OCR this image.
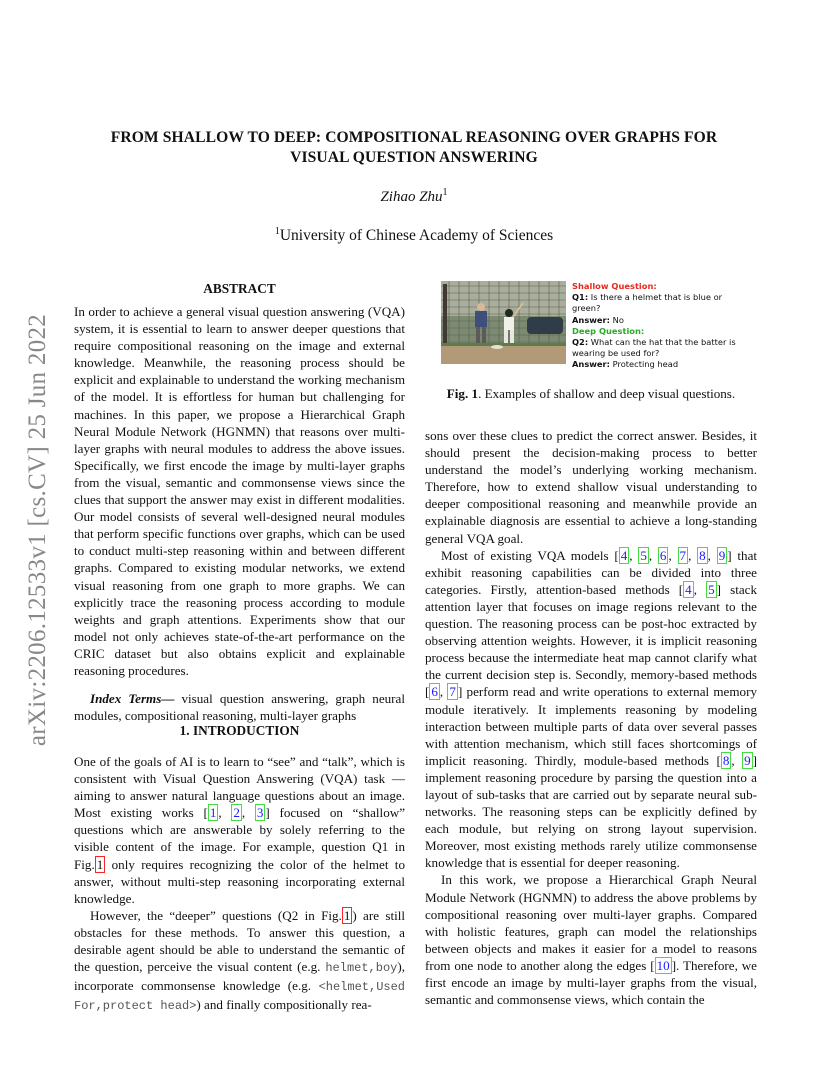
FROM SHALLOW TO DEEP: COMPOSITIONAL REASONING OVER GRAPHS FOR
VISUAL QUESTION ANSWERING
Zihao Zhu$^1$
$^1$University of Chinese Academy of Sciences
arXiv:2206.12533v1 [cs.CV] 25 Jun 2022
ABSTRACT

In order to achieve a general visual question answering (VQA) system, it is essential to learn to answer deeper questions that require compositional reasoning on the image and external knowledge. Meanwhile, the reasoning process should be explicit and explainable to understand the working mechanism of the model. It is effortless for human but challenging for machines. In this paper, we propose a Hierarchical Graph Neural Module Network (HGNMN) that reasons over multi-layer graphs with neural modules to address the above issues. Specifically, we first encode the image by multi-layer graphs from the visual, semantic and commonsense views since the clues that support the answer may exist in different modalities. Our model consists of several well-designed neural modules that perform specific functions over graphs, which can be used to conduct multi-step reasoning within and between different graphs. Compared to existing modular networks, we extend visual reasoning from one graph to more graphs. We can explicitly trace the reasoning process according to module weights and graph attentions. Experiments show that our model not only achieves state-of-the-art performance on the CRIC dataset but also obtains explicit and explainable reasoning procedures.

Index Terms— visual question answering, graph neural modules, compositional reasoning, multi-layer graphs

1. INTRODUCTION

One of the goals of AI is to learn to “see” and “talk”, which is consistent with Visual Question Answering (VQA) task — aiming to answer natural language questions about an image. Most existing works [ 1 , 2 , 3 ] focused on “shallow” questions which are answerable by solely referring to the visible content of the image. For example, question Q1 in Fig. 1 only requires recognizing the color of the helmet to answer, without multi-step reasoning incorporating external knowledge.

However, the “deeper” questions (Q2 in Fig. 1 ) are still obstacles for these methods. To answer this question, a desirable agent should be able to understand the semantic of the question, perceive the visual content (e.g. helmet,boy), incorporate commonsense knowledge (e.g. <helmet,Used For,protect head>) and finally compositionally rea-

Shallow Question:
Q1: Is there a helmet that is blue or green?
Answer: No
Deep Question:
Q2: What can the hat that the batter is wearing be used for?
Answer: Protecting head
Fig. 1. Examples of shallow and deep visual questions.

sons over these clues to predict the correct answer. Besides, it should present the decision-making process to better understand the model’s underlying working mechanism. Therefore, how to extend shallow visual understanding to deeper compositional reasoning and meanwhile provide an explainable diagnosis are essential to achieve a long-standing general VQA goal.

Most of existing VQA models [ 4 , 5 , 6 , 7 , 8 , 9 ] that exhibit reasoning capabilities can be divided into three categories. Firstly, attention-based methods [ 4 , 5 ] stack attention layer that focuses on image regions relevant to the question. The reasoning process can be post-hoc extracted by observing attention weights. However, it is implicit reasoning process because the intermediate heat map cannot clarify what the current decision step is. Secondly, memory-based methods [ 6 , 7 ] perform read and write operations to external memory module iteratively. It implements reasoning by modeling interaction between multiple parts of data over several passes with attention mechanism, which still faces shortcomings of implicit reasoning. Thirdly, module-based methods [ 8 , 9 ] implement reasoning procedure by parsing the question into a layout of sub-tasks that are carried out by separate neural sub-networks. The reasoning steps can be explicitly defined by each module, but relying on strong layout supervision. Moreover, most existing methods rarely utilize commonsense knowledge that is essential for deeper reasoning.

In this work, we propose a Hierarchical Graph Neural Module Network (HGNMN) to address the above problems by compositional reasoning over multi-layer graphs. Compared with holistic features, graph can model the relationships between objects and makes it easier for a model to reasons from one node to another along the edges [ 10 ]. Therefore, we first encode an image by multi-layer graphs from the visual, semantic and commonsense views, which contain the
